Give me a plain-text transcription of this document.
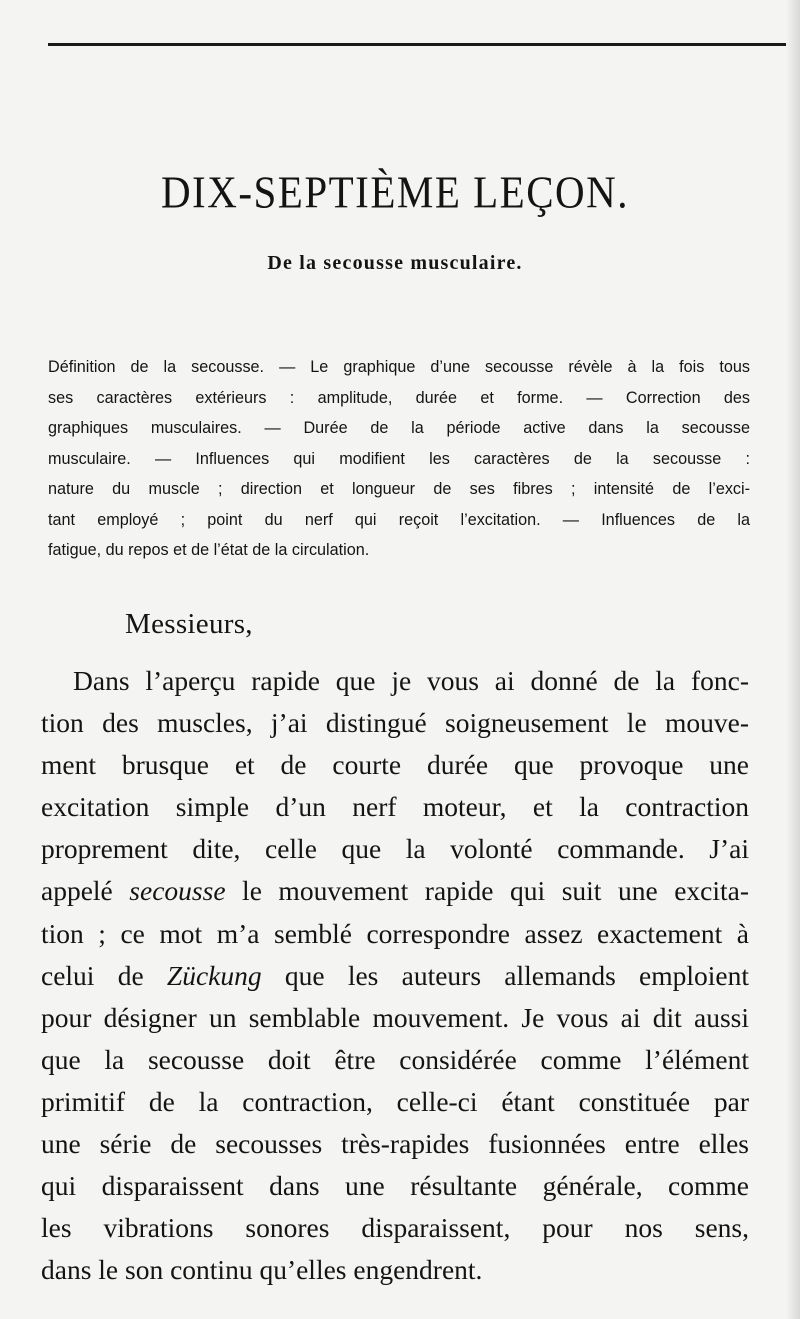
DIX-SEPTIÈME LEÇON.
De la secousse musculaire.
Définition de la secousse. — Le graphique d’une secousse révèle à la fois tous
ses caractères extérieurs : amplitude, durée et forme. — Correction des
graphiques musculaires. — Durée de la période active dans la secousse
musculaire. — Influences qui modifient les caractères de la secousse :
nature du muscle ; direction et longueur de ses fibres ; intensité de l’exci-
tant employé ; point du nerf qui reçoit l’excitation. — Influences de la
fatigue, du repos et de l’état de la circulation.
Messieurs,
Dans l’aperçu rapide que je vous ai donné de la fonc-
tion des muscles, j’ai distingué soigneusement le mouve-
ment brusque et de courte durée que provoque une
excitation simple d’un nerf moteur, et la contraction
proprement dite, celle que la volonté commande. J’ai
appelé secousse le mouvement rapide qui suit une excita-
tion ; ce mot m’a semblé correspondre assez exactement à
celui de Zückung que les auteurs allemands emploient
pour désigner un semblable mouvement. Je vous ai dit aussi
que la secousse doit être considérée comme l’élément
primitif de la contraction, celle-ci étant constituée par
une série de secousses très-rapides fusionnées entre elles
qui disparaissent dans une résultante générale, comme
les vibrations sonores disparaissent, pour nos sens,
dans le son continu qu’elles engendrent.
